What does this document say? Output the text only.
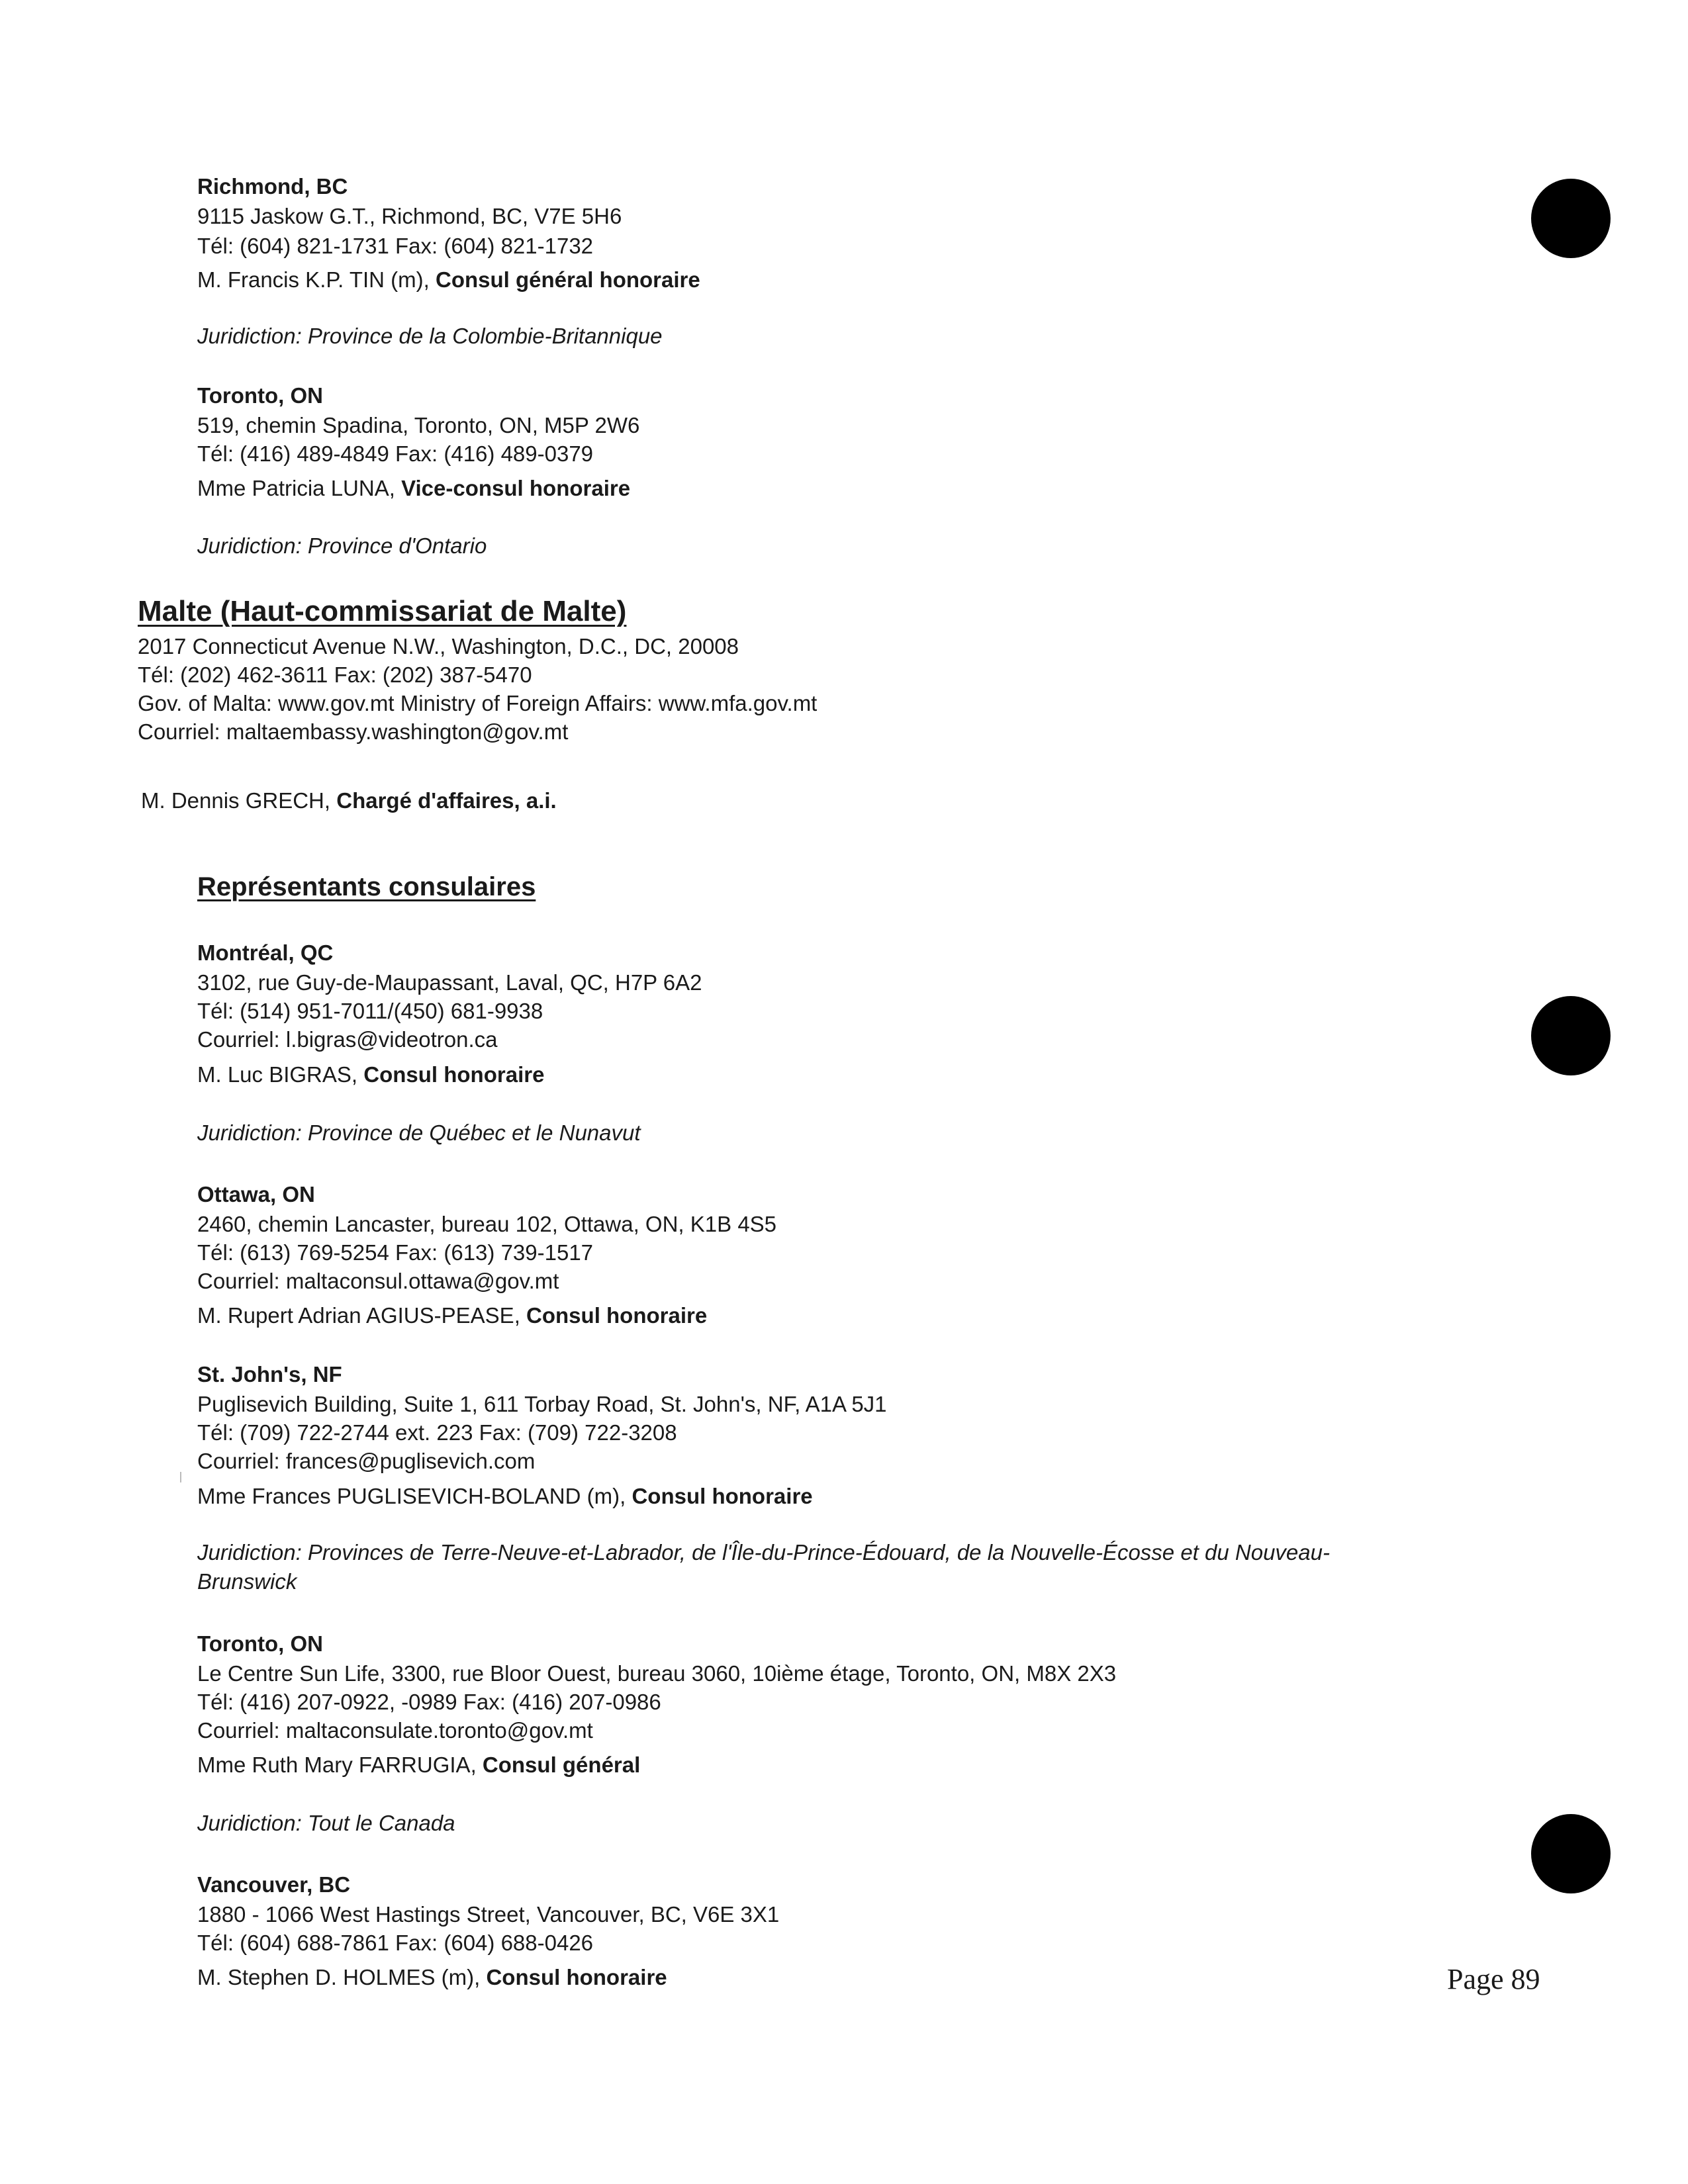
Richmond, BC
9115 Jaskow G.T., Richmond, BC, V7E 5H6
Tél: (604) 821-1731 Fax: (604) 821-1732
M. Francis K.P. TIN (m), Consul général honoraire
Juridiction: Province de la Colombie-Britannique
Toronto, ON
519, chemin Spadina, Toronto, ON, M5P 2W6
Tél: (416) 489-4849 Fax: (416) 489-0379
Mme Patricia LUNA, Vice-consul honoraire
Juridiction: Province d'Ontario
Malte (Haut-commissariat de Malte)
2017 Connecticut Avenue N.W., Washington, D.C., DC, 20008
Tél: (202) 462-3611 Fax: (202) 387-5470
Gov. of Malta: www.gov.mt Ministry of Foreign Affairs: www.mfa.gov.mt
Courriel: maltaembassy.washington@gov.mt
M. Dennis GRECH, Chargé d'affaires, a.i.
Représentants consulaires
Montréal, QC
3102, rue Guy-de-Maupassant, Laval, QC, H7P 6A2
Tél: (514) 951-7011/(450) 681-9938
Courriel: l.bigras@videotron.ca
M. Luc BIGRAS, Consul honoraire
Juridiction: Province de Québec et le Nunavut
Ottawa, ON
2460, chemin Lancaster, bureau 102, Ottawa, ON, K1B 4S5
Tél: (613) 769-5254 Fax: (613) 739-1517
Courriel: maltaconsul.ottawa@gov.mt
M. Rupert Adrian AGIUS-PEASE, Consul honoraire
St. John's, NF
Puglisevich Building, Suite 1, 611 Torbay Road, St. John's, NF, A1A 5J1
Tél: (709) 722-2744 ext. 223 Fax: (709) 722-3208
Courriel: frances@puglisevich.com
Mme Frances PUGLISEVICH-BOLAND (m), Consul honoraire
Juridiction: Provinces de Terre-Neuve-et-Labrador, de l'Île-du-Prince-Édouard, de la Nouvelle-Écosse et du Nouveau-
Brunswick
Toronto, ON
Le Centre Sun Life, 3300, rue Bloor Ouest, bureau 3060, 10ième étage, Toronto, ON, M8X 2X3
Tél: (416) 207-0922, -0989 Fax: (416) 207-0986
Courriel: maltaconsulate.toronto@gov.mt
Mme Ruth Mary FARRUGIA, Consul général
Juridiction: Tout le Canada
Vancouver, BC
1880 - 1066 West Hastings Street, Vancouver, BC, V6E 3X1
Tél: (604) 688-7861 Fax: (604) 688-0426
M. Stephen D. HOLMES (m), Consul honoraire	Page 89
